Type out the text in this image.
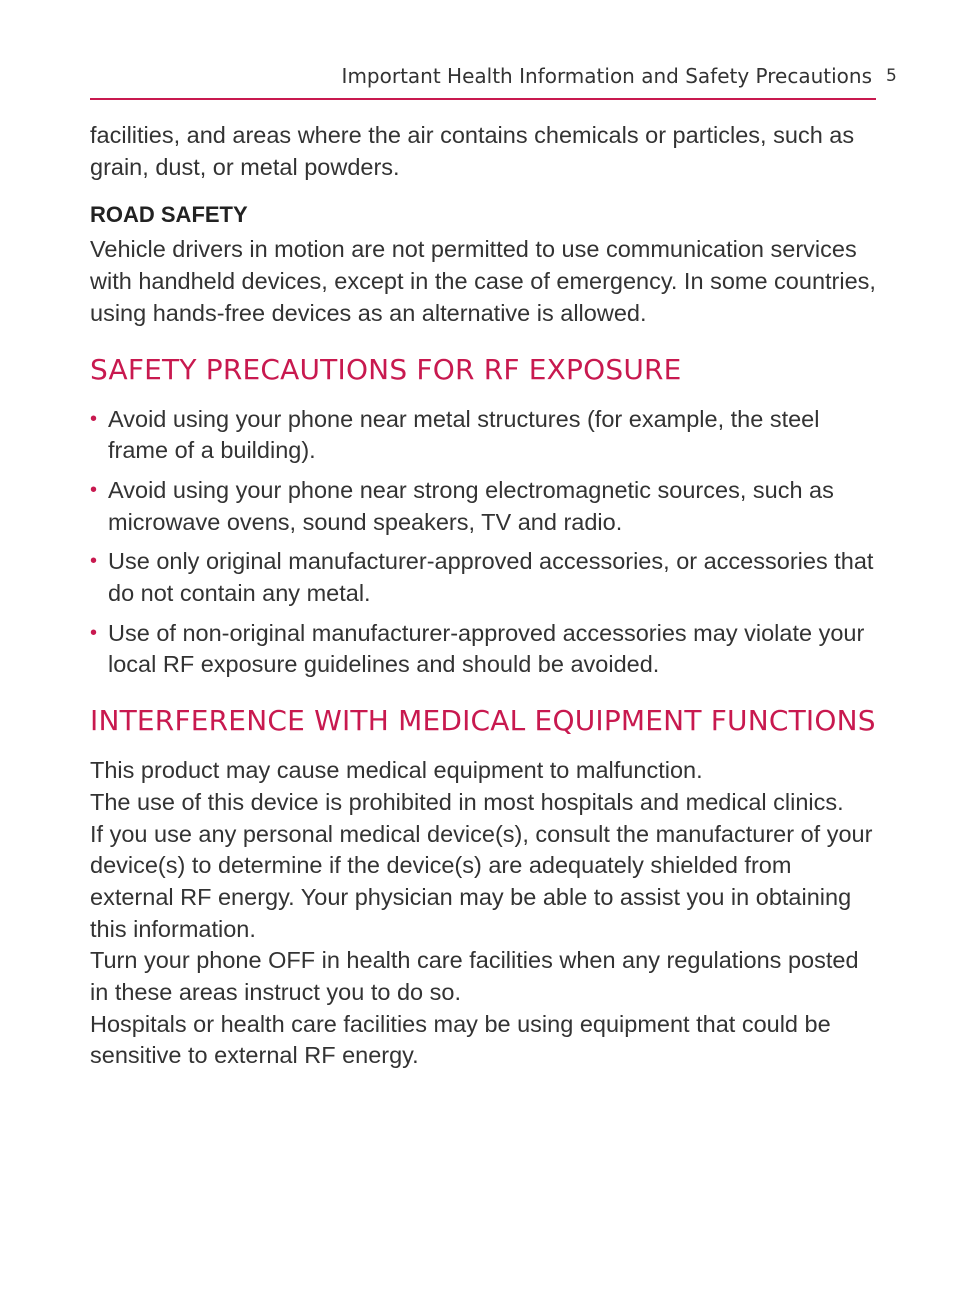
Important Health Information and Safety Precautions 5

facilities, and areas where the air contains chemicals or particles, such as grain, dust, or metal powders.

ROAD SAFETY

Vehicle drivers in motion are not permitted to use communication services with handheld devices, except in the case of emergency. In some countries, using hands-free devices as an alternative is allowed.

SAFETY PRECAUTIONS FOR RF EXPOSURE
• Avoid using your phone near metal structures (for example, the steel frame of a building).
• Avoid using your phone near strong electromagnetic sources, such as microwave ovens, sound speakers, TV and radio.
• Use only original manufacturer-approved accessories, or accessories that do not contain any metal.
• Use of non-original manufacturer-approved accessories may violate your local RF exposure guidelines and should be avoided.
INTERFERENCE WITH MEDICAL EQUIPMENT FUNCTIONS

This product may cause medical equipment to malfunction.

The use of this device is prohibited in most hospitals and medical clinics.

If you use any personal medical device(s), consult the manufacturer of your device(s) to determine if the device(s) are adequately shielded from external RF energy. Your physician may be able to assist you in obtaining this information.

Turn your phone OFF in health care facilities when any regulations posted in these areas instruct you to do so.

Hospitals or health care facilities may be using equipment that could be sensitive to external RF energy.
